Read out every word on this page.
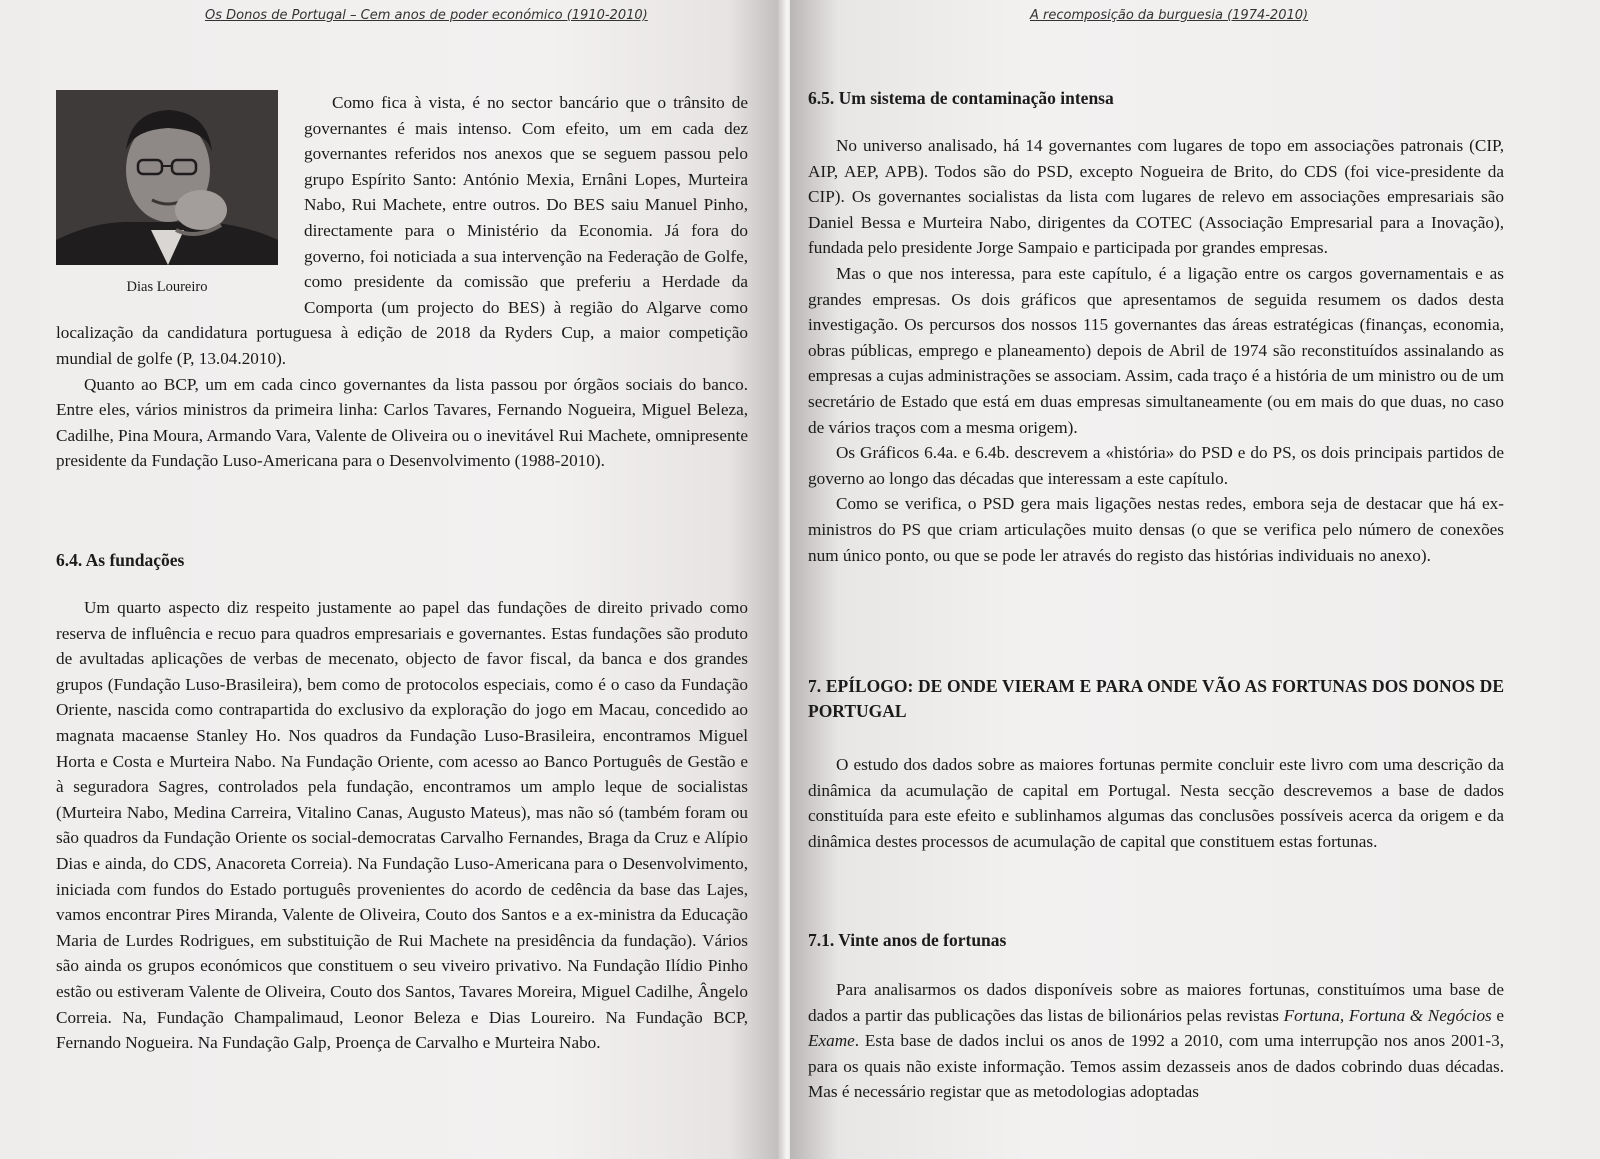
Os Donos de Portugal – Cem anos de poder económico (1910-2010)
Dias Loureiro

Como fica à vista, é no sector bancário que o trânsito de governantes é mais intenso. Com efeito, um em cada dez governantes referidos nos anexos que se seguem passou pelo grupo Espírito Santo: António Mexia, Ernâni Lopes, Murteira Nabo, Rui Machete, entre outros. Do BES saiu Manuel Pinho, directamente para o Ministério da Economia. Já fora do governo, foi noticiada a sua intervenção na Federação de Golfe, como presidente da comissão que preferiu a Herdade da Comporta (um projecto do BES) à região do Algarve como localização da candidatura portuguesa à edição de 2018 da Ryders Cup, a maior competição mundial de golfe (P, 13.04.2010).

Quanto ao BCP, um em cada cinco governantes da lista passou por órgãos sociais do banco. Entre eles, vários ministros da primeira linha: Carlos Tavares, Fernando Nogueira, Miguel Beleza, Cadilhe, Pina Moura, Armando Vara, Valente de Oliveira ou o inevitável Rui Machete, omnipresente presidente da Fundação Luso-Americana para o Desenvolvimento (1988-2010).

6.4. As fundações

Um quarto aspecto diz respeito justamente ao papel das fundações de direito privado como reserva de influência e recuo para quadros empresariais e governantes. Estas fundações são produto de avultadas aplicações de verbas de mecenato, objecto de favor fiscal, da banca e dos grandes grupos (Fundação Luso-Brasileira), bem como de protocolos especiais, como é o caso da Fundação Oriente, nascida como contrapartida do exclusivo da exploração do jogo em Macau, concedido ao magnata macaense Stanley Ho. Nos quadros da Fundação Luso-Brasileira, encontramos Miguel Horta e Costa e Murteira Nabo. Na Fundação Oriente, com acesso ao Banco Português de Gestão e à seguradora Sagres, controlados pela fundação, encontramos um amplo leque de socialistas (Murteira Nabo, Medina Carreira, Vitalino Canas, Augusto Mateus), mas não só (também foram ou são quadros da Fundação Oriente os social-democratas Carvalho Fernandes, Braga da Cruz e Alípio Dias e ainda, do CDS, Anacoreta Correia). Na Fundação Luso-Americana para o Desenvolvimento, iniciada com fundos do Estado português provenientes do acordo de cedência da base das Lajes, vamos encontrar Pires Miranda, Valente de Oliveira, Couto dos Santos e a ex-ministra da Educação Maria de Lurdes Rodrigues, em substituição de Rui Machete na presidência da fundação). Vários são ainda os grupos económicos que constituem o seu viveiro privativo. Na Fundação Ilídio Pinho estão ou estiveram Valente de Oliveira, Couto dos Santos, Tavares Moreira, Miguel Cadilhe, Ângelo Correia. Na, Fundação Champalimaud, Leonor Beleza e Dias Loureiro. Na Fundação BCP, Fernando Nogueira. Na Fundação Galp, Proença de Carvalho e Murteira Nabo.

A recomposição da burguesia (1974-2010)
6.5. Um sistema de contaminação intensa

No universo analisado, há 14 governantes com lugares de topo em associações patronais (CIP, AIP, AEP, APB). Todos são do PSD, excepto Nogueira de Brito, do CDS (foi vice-presidente da CIP). Os governantes socialistas da lista com lugares de relevo em associações empresariais são Daniel Bessa e Murteira Nabo, dirigentes da COTEC (Associação Empresarial para a Inovação), fundada pelo presidente Jorge Sampaio e participada por grandes empresas.

Mas o que nos interessa, para este capítulo, é a ligação entre os cargos governamentais e as grandes empresas. Os dois gráficos que apresentamos de seguida resumem os dados desta investigação. Os percursos dos nossos 115 governantes das áreas estratégicas (finanças, economia, obras públicas, emprego e planeamento) depois de Abril de 1974 são reconstituídos assinalando as empresas a cujas administrações se associam. Assim, cada traço é a história de um ministro ou de um secretário de Estado que está em duas empresas simultaneamente (ou em mais do que duas, no caso de vários traços com a mesma origem).

Os Gráficos 6.4a. e 6.4b. descrevem a «história» do PSD e do PS, os dois principais partidos de governo ao longo das décadas que interessam a este capítulo.

Como se verifica, o PSD gera mais ligações nestas redes, embora seja de destacar que há ex-ministros do PS que criam articulações muito densas (o que se verifica pelo número de conexões num único ponto, ou que se pode ler através do registo das histórias individuais no anexo).

7. EPÍLOGO: DE ONDE VIERAM E PARA ONDE VÃO AS FORTUNAS DOS DONOS DE PORTUGAL

O estudo dos dados sobre as maiores fortunas permite concluir este livro com uma descrição da dinâmica da acumulação de capital em Portugal. Nesta secção descrevemos a base de dados constituída para este efeito e sublinhamos algumas das conclusões possíveis acerca da origem e da dinâmica destes processos de acumulação de capital que constituem estas fortunas.

7.1. Vinte anos de fortunas

Para analisarmos os dados disponíveis sobre as maiores fortunas, constituímos uma base de dados a partir das publicações das listas de bilionários pelas revistas Fortuna, Fortuna & Negócios e Exame. Esta base de dados inclui os anos de 1992 a 2010, com uma interrupção nos anos 2001-3, para os quais não existe informação. Temos assim dezasseis anos de dados cobrindo duas décadas. Mas é necessário registar que as metodologias adoptadas
